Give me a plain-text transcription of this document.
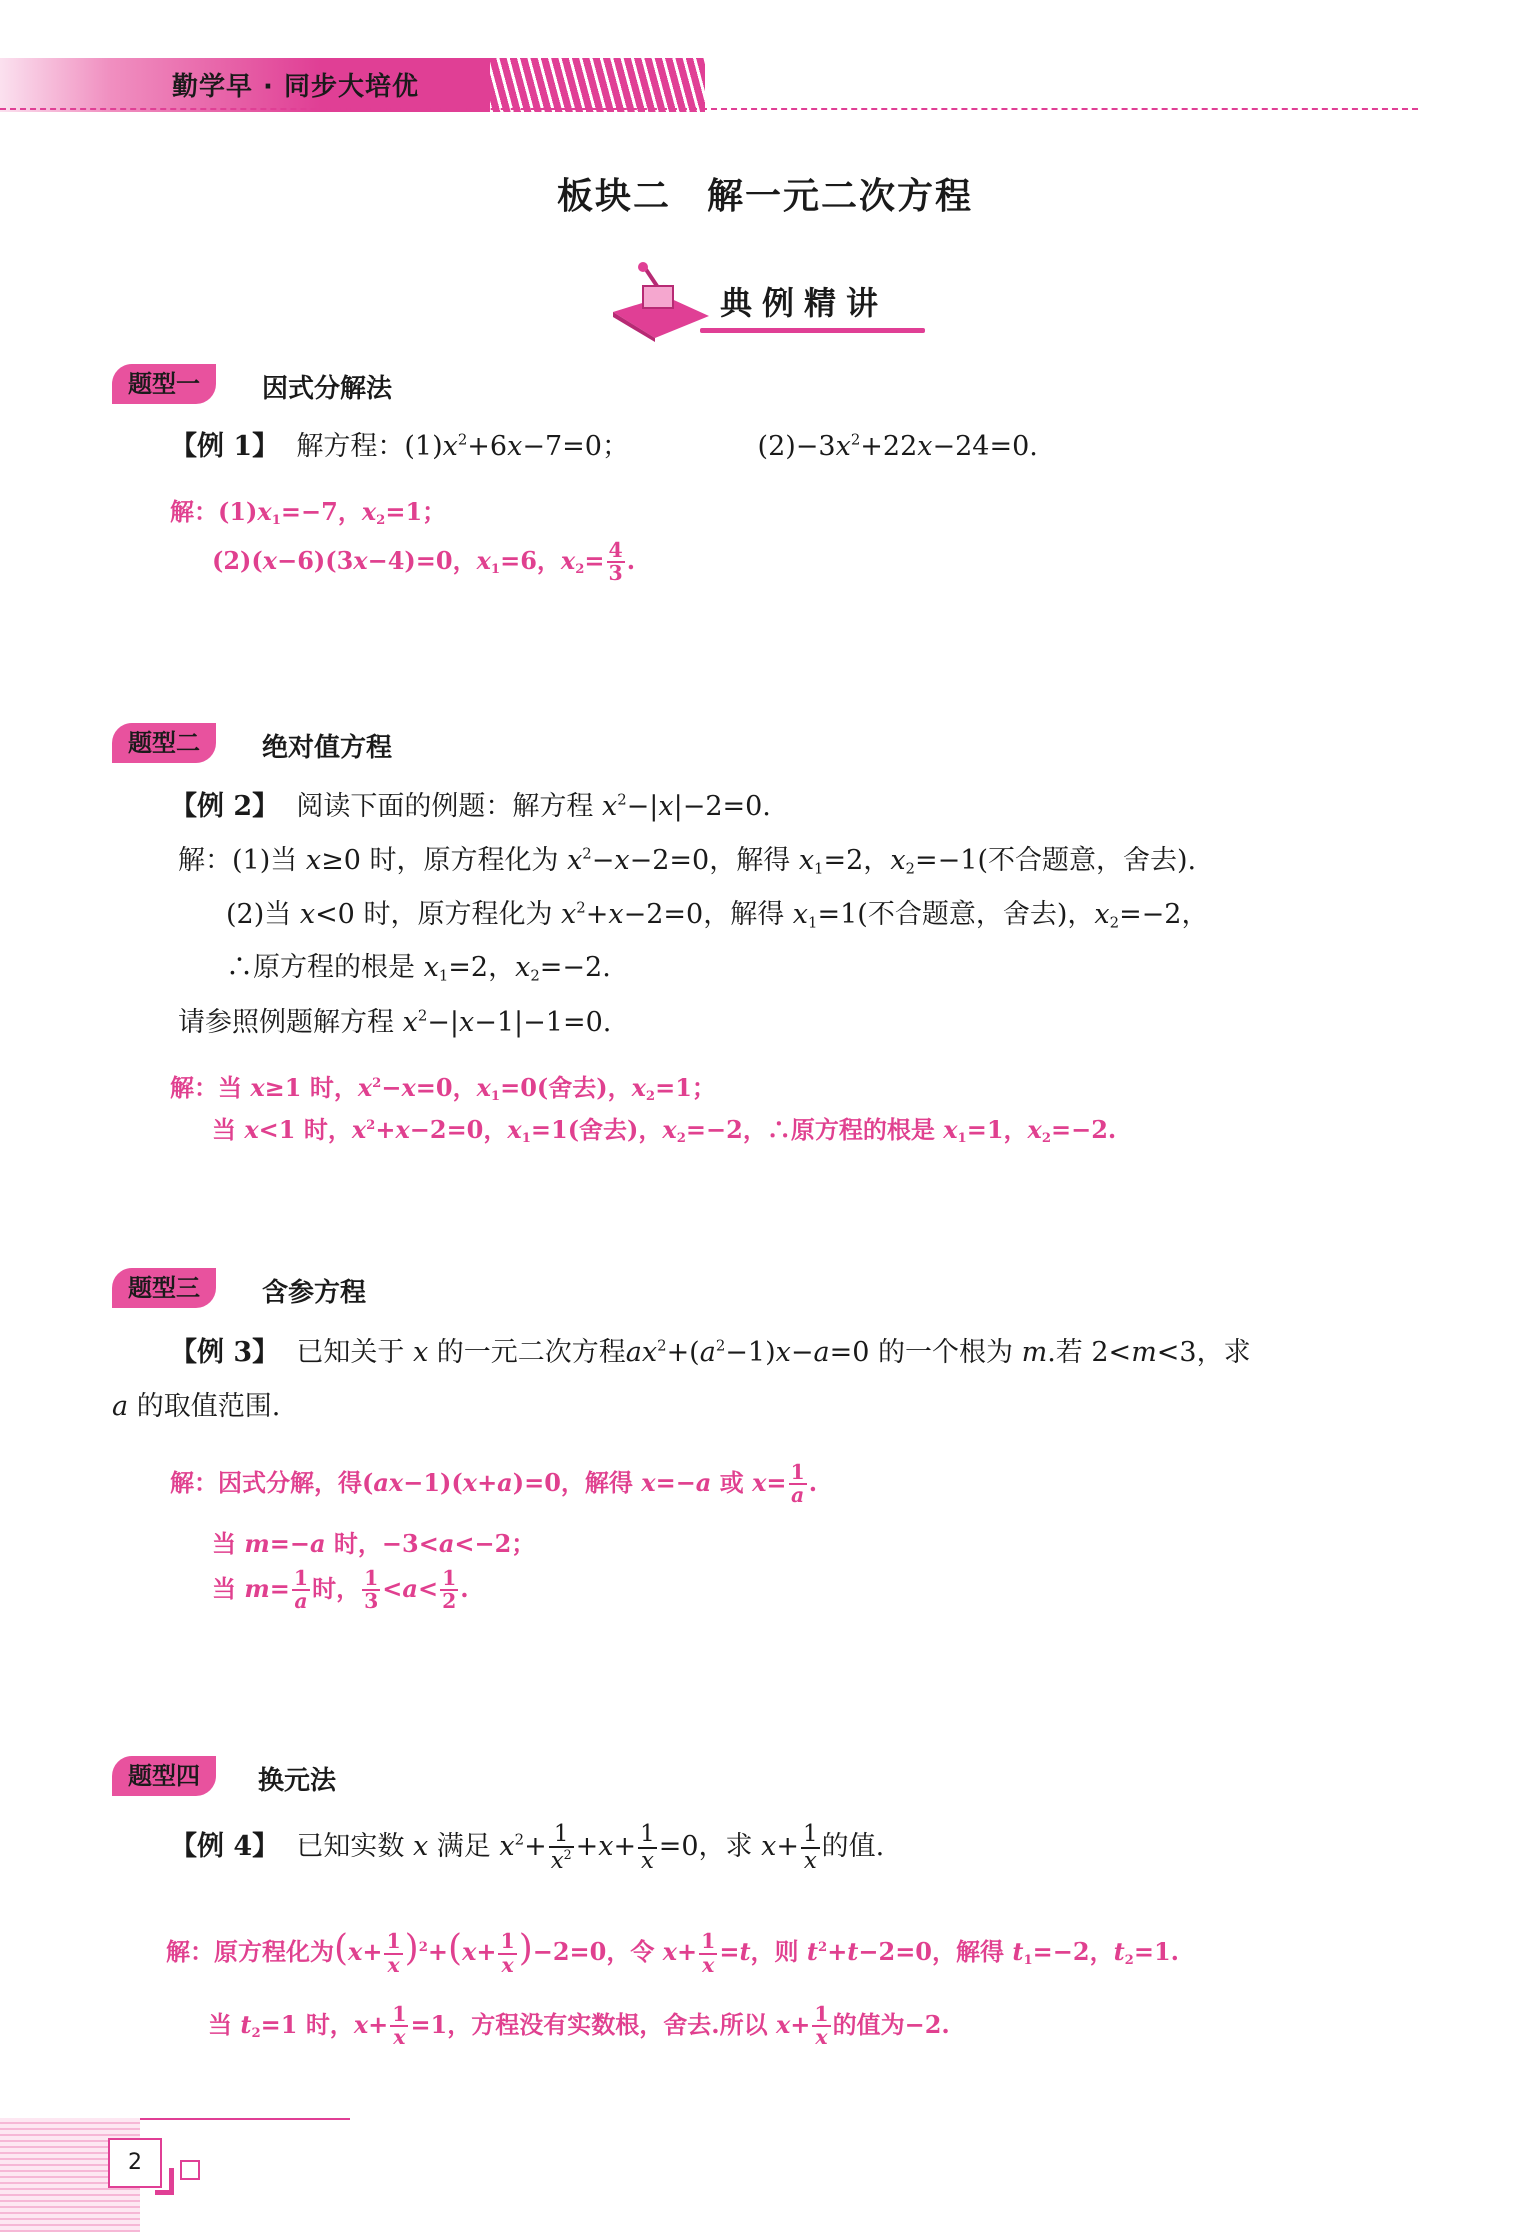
勤学早 · 同步大培优
板块二 解一元二次方程
典例精讲
题型一	因式分解法
【例 1】 解方程：$(1)x^2+6x-7=0$；	$(2)-3x^2+22x-24=0$.
解：$(1)x_1=-7$，$x_2=1$；
(2)(x−6)(3x−4)=0，$x_1=6$，$x_2= \frac{4}{3}$ .
题型二	绝对值方程
【例 2】 阅读下面的例题：解方程 $x^2-|x|-2=0$.
解：(1)当 x≥0 时，原方程化为 $x^2-x-2=0$，解得 $x_1=2$，$x_2=-1$(不合题意，舍去).
(2)当 x<0 时，原方程化为 $x^2+x-2=0$，解得 $x_1=1$(不合题意，舍去)，$x_2=-2$，
∴原方程的根是 $x_1=2$，$x_2=-2$.
请参照例题解方程 $x^2-|x-1|-1=0$.
解：当 x≥1 时，$x^2-x=0$，$x_1=0$(舍去)，$x_2=1$；
当 x<1 时，$x^2+x-2=0$，$x_1=1$(舍去)，$x_2=-2$，∴原方程的根是 $x_1=1$，$x_2=-2$.
题型三	含参方程
【例 3】 已知关于 x 的一元二次方程$ax^2+(a^2-1)x-a=0$ 的一个根为 m.若 2<m<3，求
a 的取值范围.
解：因式分解，得(ax−1)(x+a)=0，解得 x=−a 或 $x= \frac{1}{a}$ .
当 m=−a 时，−3<a<−2；
当 $m= \frac{1}{a}$ 时， $\frac{1}{3} <a< \frac{1}{2}$ .
题型四	换元法
【例 4】 已知实数 x 满足 $x^2+ \frac{1}{x^2} +x+ \frac{1}{x} =0$，求 $x+ \frac{1}{x}$ 的值.
解：原方程化为$(x+ \frac{1}{x} )^2+(x+ \frac{1}{x} )-2=0$，令 $x+ \frac{1}{x} =t$，则 $t^2+t-2=0$，解得 $t_1=-2$，$t_2=1$.
当 $t_2=1$ 时，$x+ \frac{1}{x} =1$，方程没有实数根，舍去.所以 $x+ \frac{1}{x}$ 的值为−2.
2
